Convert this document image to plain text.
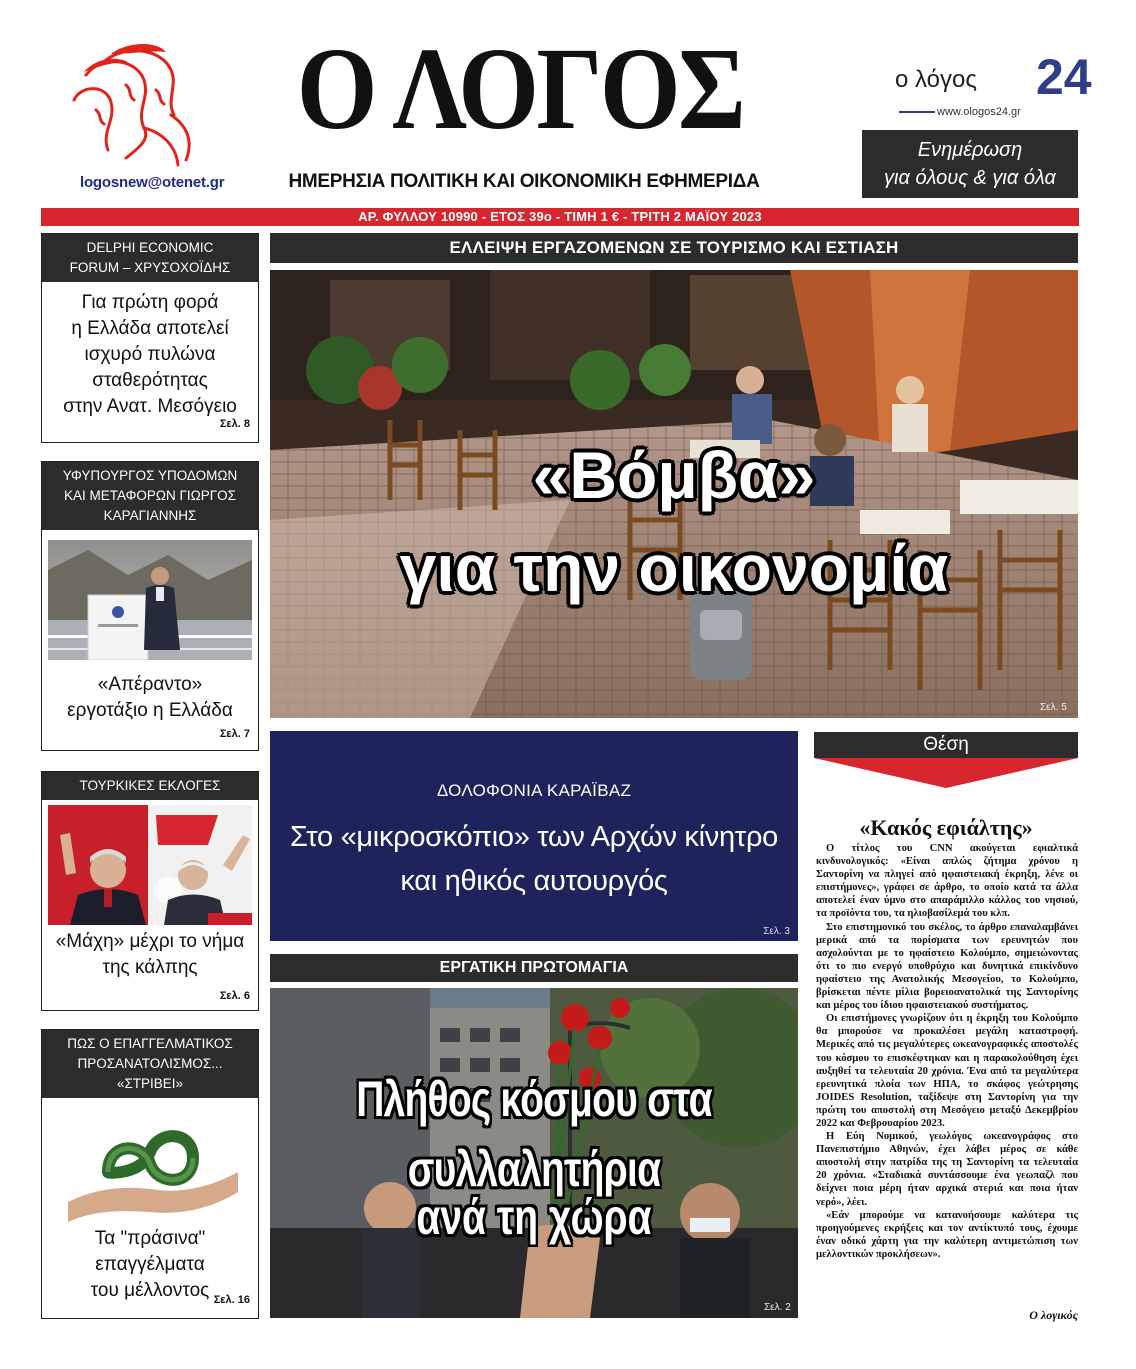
logosnew@otenet.gr
Ο ΛΟΓΟΣ
ΗΜΕΡΗΣΙΑ ΠΟΛΙΤΙΚΗ ΚΑΙ ΟΙΚΟΝΟΜΙΚΗ ΕΦΗΜΕΡΙΔΑ
ο λόγος 24
www.ologos24.gr
Ενημέρωση
για όλους & για όλα
ΑΡ. ΦΥΛΛΟΥ 10990 - ΕΤΟΣ 39ο - ΤΙΜΗ 1 € - ΤΡΙΤΗ 2 ΜΑΪΟΥ 2023
DELPHI ECONOMIC
FORUM – ΧΡΥΣΟΧΟΪΔΗΣ
Για πρώτη φορά
η Ελλάδα αποτελεί
ισχυρό πυλώνα
σταθερότητας
στην Ανατ. Μεσόγειο
Σελ. 8
ΥΦΥΠΟΥΡΓΟΣ ΥΠΟΔΟΜΩΝ
ΚΑΙ ΜΕΤΑΦΟΡΩΝ ΓΙΩΡΓΟΣ
ΚΑΡΑΓΙΑΝΝΗΣ
«Απέραντο»
εργοτάξιο η Ελλάδα
Σελ. 7
ΤΟΥΡΚΙΚΕΣ ΕΚΛΟΓΕΣ
«Μάχη» μέχρι το νήμα
της κάλπης
Σελ. 6
ΠΩΣ Ο ΕΠΑΓΓΕΛΜΑΤΙΚΟΣ
ΠΡΟΣΑΝΑΤΟΛΙΣΜΟΣ... «ΣΤΡΙΒΕΙ»
Τα "πράσινα"
επαγγέλματα
του μέλλοντος Σελ. 16
ΕΛΛΕΙΨΗ ΕΡΓΑΖΟΜΕΝΩΝ ΣΕ ΤΟΥΡΙΣΜΟ ΚΑΙ ΕΣΤΙΑΣΗ
«Βόμβα»
για την οικονομία
Σελ. 5
ΔΟΛΟΦΟΝΙΑ ΚΑΡΑΪΒΑΖ
Στο «μικροσκόπιο» των Αρχών κίνητρο
και ηθικός αυτουργός
Σελ. 3
ΕΡΓΑΤΙΚΗ ΠΡΩΤΟΜΑΓΙΑ
Πλήθος κόσμου στα συλλαλητήρια
ανά τη χώρα
Σελ. 2
Θέση
«Κακός εφιάλτης»

Ο τίτλος του CNN ακούγεται εφιαλτικά κινδυνολογικός: «Είναι απλώς ζήτημα χρόνου η Σαντορίνη να πληγεί από ηφαιστειακή έκρηξη, λένε οι επιστήμονες», γράφει σε άρθρο, το οποίο κατά τα άλλα αποτελεί έναν ύμνο στο απαράμιλλο κάλλος του νησιού, τα προϊόντα του, τα ηλιοβασίλεμά του κλπ.

Στο επιστημονικό του σκέλος, το άρθρο επαναλαμβάνει μερικά από τα πορίσματα των ερευνητών που ασχολούνται με το ηφαίστειο Κολούμπο, σημειώνοντας ότι το πιο ενεργό υποθρύχιο και δυνητικά επικίνδυνο ηφαίστειο της Ανατολικής Μεσογείου, το Κολούμπο, βρίσκεται πέντε μίλια βορειοανατολικά της Σαντορίνης και μέρος του ίδιου ηφαιστειακού συστήματος.

Οι επιστήμονες γνωρίζουν ότι η έκρηξη του Κολούμπο θα μπορούσε να προκαλέσει μεγάλη καταστροφή. Μερικές από τις μεγαλύτερες ωκεανογραφικές αποστολές του κόσμου το επισκέφτηκαν και η παρακολούθηση έχει αυξηθεί τα τελευταία 20 χρόνια. Ένα από τα μεγαλύτερα ερευνητικά πλοία των ΗΠΑ, το σκάφος γεώτρησης JOIDES Resolution, ταξίδεψε στη Σαντορίνη για την πρώτη του αποστολή στη Μεσόγειο μεταξύ Δεκεμβρίου 2022 και Φεβρουαρίου 2023.

Η Εύη Νομικού, γεωλόγος ωκεανογράφος στο Πανεπιστήμιο Αθηνών, έχει λάβει μέρος σε κάθε αποστολή στην πατρίδα της τη Σαντορίνη τα τελευταία 20 χρόνια. «Σταδιακά συντάσσουμε ένα γεωπαζλ που δείχνει ποια μέρη ήταν αρχικά στεριά και ποια ήταν νερό», λέει.

«Εάν μπορούμε να κατανοήσουμε καλύτερα τις προηγούμενες εκρήξεις και τον αντίκτυπό τους, έχουμε έναν οδικό χάρτη για την καλύτερη αντιμετώπιση των μελλοντικών προκλήσεων».

Ο λογικός
